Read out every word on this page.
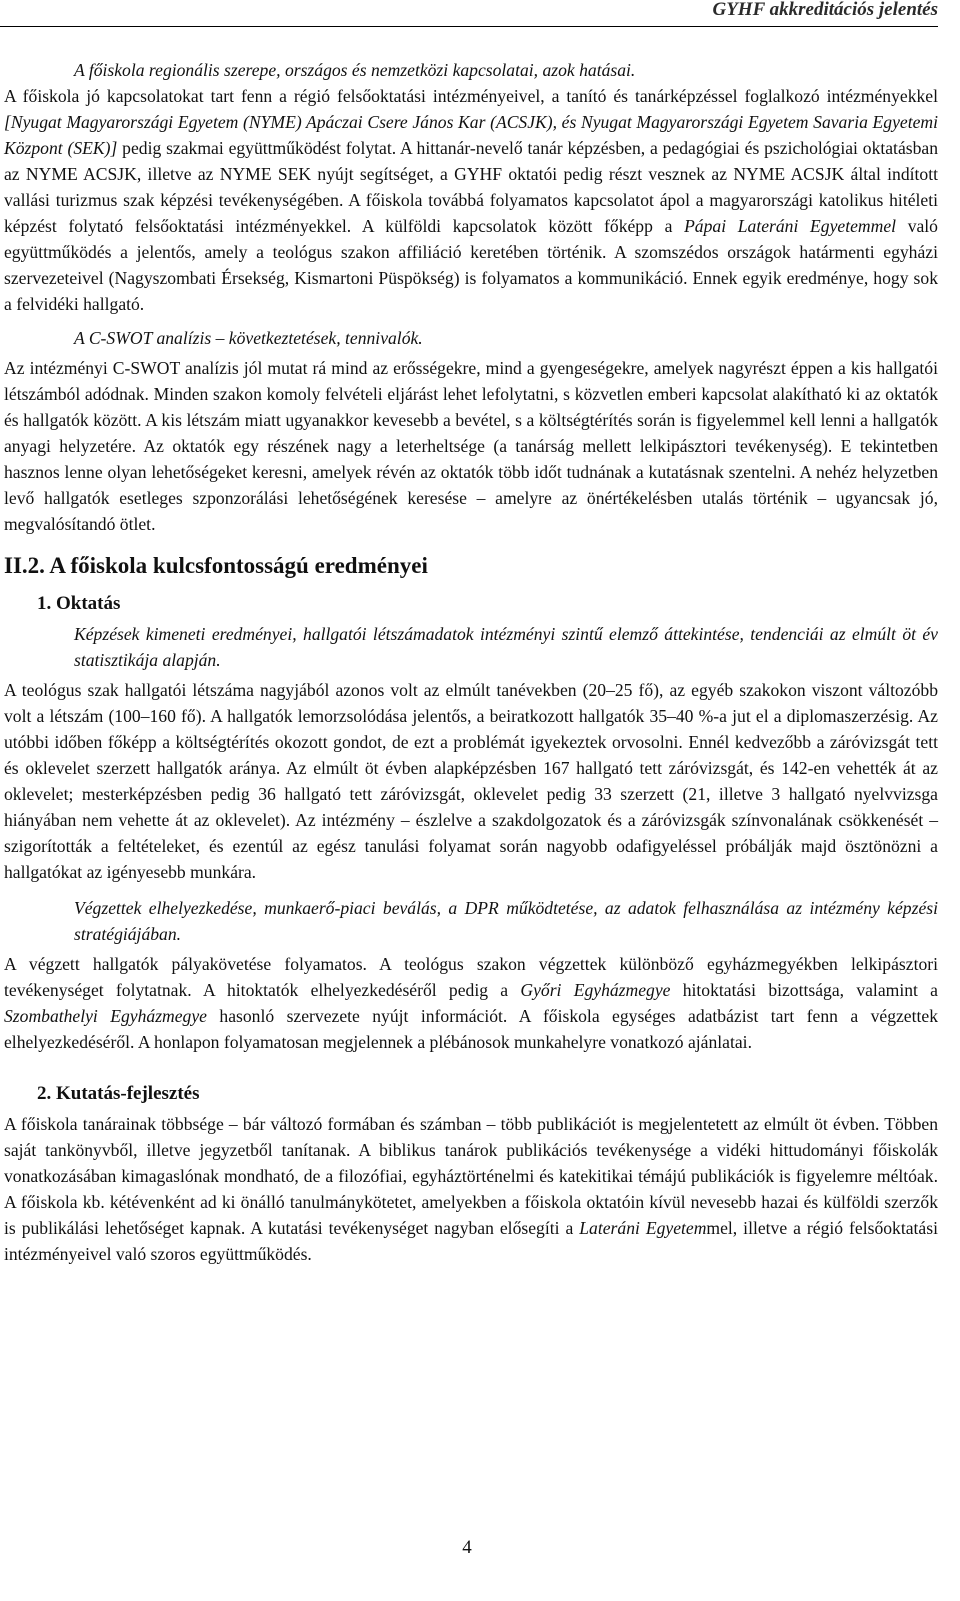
GYHF akkreditációs jelentés

A főiskola regionális szerepe, országos és nemzetközi kapcsolatai, azok hatásai.

A főiskola jó kapcsolatokat tart fenn a régió felsőoktatási intézményeivel, a tanító és tanárképzéssel foglalkozó intézményekkel [Nyugat Magyarországi Egyetem (NYME) Apáczai Csere János Kar (ACSJK), és Nyugat Magyarországi Egyetem Savaria Egyetemi Központ (SEK)] pedig szakmai együttműködést folytat. A hittanár-nevelő tanár képzésben, a pedagógiai és pszichológiai oktatásban az NYME ACSJK, illetve az NYME SEK nyújt segítséget, a GYHF oktatói pedig részt vesznek az NYME ACSJK által indított vallási turizmus szak képzési tevékenységében. A főiskola továbbá folyamatos kapcsolatot ápol a magyarországi katolikus hitéleti képzést folytató felsőoktatási intézményekkel. A külföldi kapcsolatok között főképp a Pápai Lateráni Egyetemmel való együttműködés a jelentős, amely a teológus szakon affiliáció keretében történik. A szomszédos országok határmenti egyházi szervezeteivel (Nagyszombati Érsekség, Kismartoni Püspökség) is folyamatos a kommunikáció. Ennek egyik eredménye, hogy sok a felvidéki hallgató.

A C-SWOT analízis – következtetések, tennivalók.

Az intézményi C-SWOT analízis jól mutat rá mind az erősségekre, mind a gyengeségekre, amelyek nagyrészt éppen a kis hallgatói létszámból adódnak. Minden szakon komoly felvételi eljárást lehet lefolytatni, s közvetlen emberi kapcsolat alakítható ki az oktatók és hallgatók között. A kis létszám miatt ugyanakkor kevesebb a bevétel, s a költségtérítés során is figyelemmel kell lenni a hallgatók anyagi helyzetére. Az oktatók egy részének nagy a leterheltsége (a tanárság mellett lelkipásztori tevékenység). E tekintetben hasznos lenne olyan lehetőségeket keresni, amelyek révén az oktatók több időt tudnának a kutatásnak szentelni. A nehéz helyzetben levő hallgatók esetleges szponzorálási lehetőségének keresése – amelyre az önértékelésben utalás történik – ugyancsak jó, megvalósítandó ötlet.

II.2. A főiskola kulcsfontosságú eredményei
1. Oktatás

Képzések kimeneti eredményei, hallgatói létszámadatok intézményi szintű elemző áttekintése, tendenciái az elmúlt öt év statisztikája alapján.

A teológus szak hallgatói létszáma nagyjából azonos volt az elmúlt tanévekben (20–25 fő), az egyéb szakokon viszont változóbb volt a létszám (100–160 fő). A hallgatók lemorzsolódása jelentős, a beiratkozott hallgatók 35–40 %-a jut el a diplomaszerzésig. Az utóbbi időben főképp a költségtérítés okozott gondot, de ezt a problémát igyekeztek orvosolni. Ennél kedvezőbb a záróvizsgát tett és oklevelet szerzett hallgatók aránya. Az elmúlt öt évben alapképzésben 167 hallgató tett záróvizsgát, és 142-en vehették át az oklevelet; mesterképzésben pedig 36 hallgató tett záróvizsgát, oklevelet pedig 33 szerzett (21, illetve 3 hallgató nyelvvizsga hiányában nem vehette át az oklevelet). Az intézmény – észlelve a szakdolgozatok és a záróvizsgák színvonalának csökkenését – szigorították a feltételeket, és ezentúl az egész tanulási folyamat során nagyobb odafigyeléssel próbálják majd ösztönözni a hallgatókat az igényesebb munkára.

Végzettek elhelyezkedése, munkaerő-piaci beválás, a DPR működtetése, az adatok felhasználása az intézmény képzési stratégiájában.

A végzett hallgatók pályakövetése folyamatos. A teológus szakon végzettek különböző egyházmegyékben lelkipásztori tevékenységet folytatnak. A hitoktatók elhelyezkedéséről pedig a Győri Egyházmegye hitoktatási bizottsága, valamint a Szombathelyi Egyházmegye hasonló szervezete nyújt információt. A főiskola egységes adatbázist tart fenn a végzettek elhelyezkedéséről. A honlapon folyamatosan megjelennek a plébánosok munkahelyre vonatkozó ajánlatai.

2. Kutatás-fejlesztés

A főiskola tanárainak többsége – bár változó formában és számban – több publikációt is megjelentetett az elmúlt öt évben. Többen saját tankönyvből, illetve jegyzetből tanítanak. A biblikus tanárok publikációs tevékenysége a vidéki hittudományi főiskolák vonatkozásában kimagaslónak mondható, de a filozófiai, egyháztörténelmi és katekitikai témájú publikációk is figyelemre méltóak. A főiskola kb. kétévenként ad ki önálló tanulmánykötetet, amelyekben a főiskola oktatóin kívül nevesebb hazai és külföldi szerzők is publikálási lehetőséget kapnak. A kutatási tevékenységet nagyban elősegíti a Lateráni Egyetemmel, illetve a régió felsőoktatási intézményeivel való szoros együttműködés.

4
